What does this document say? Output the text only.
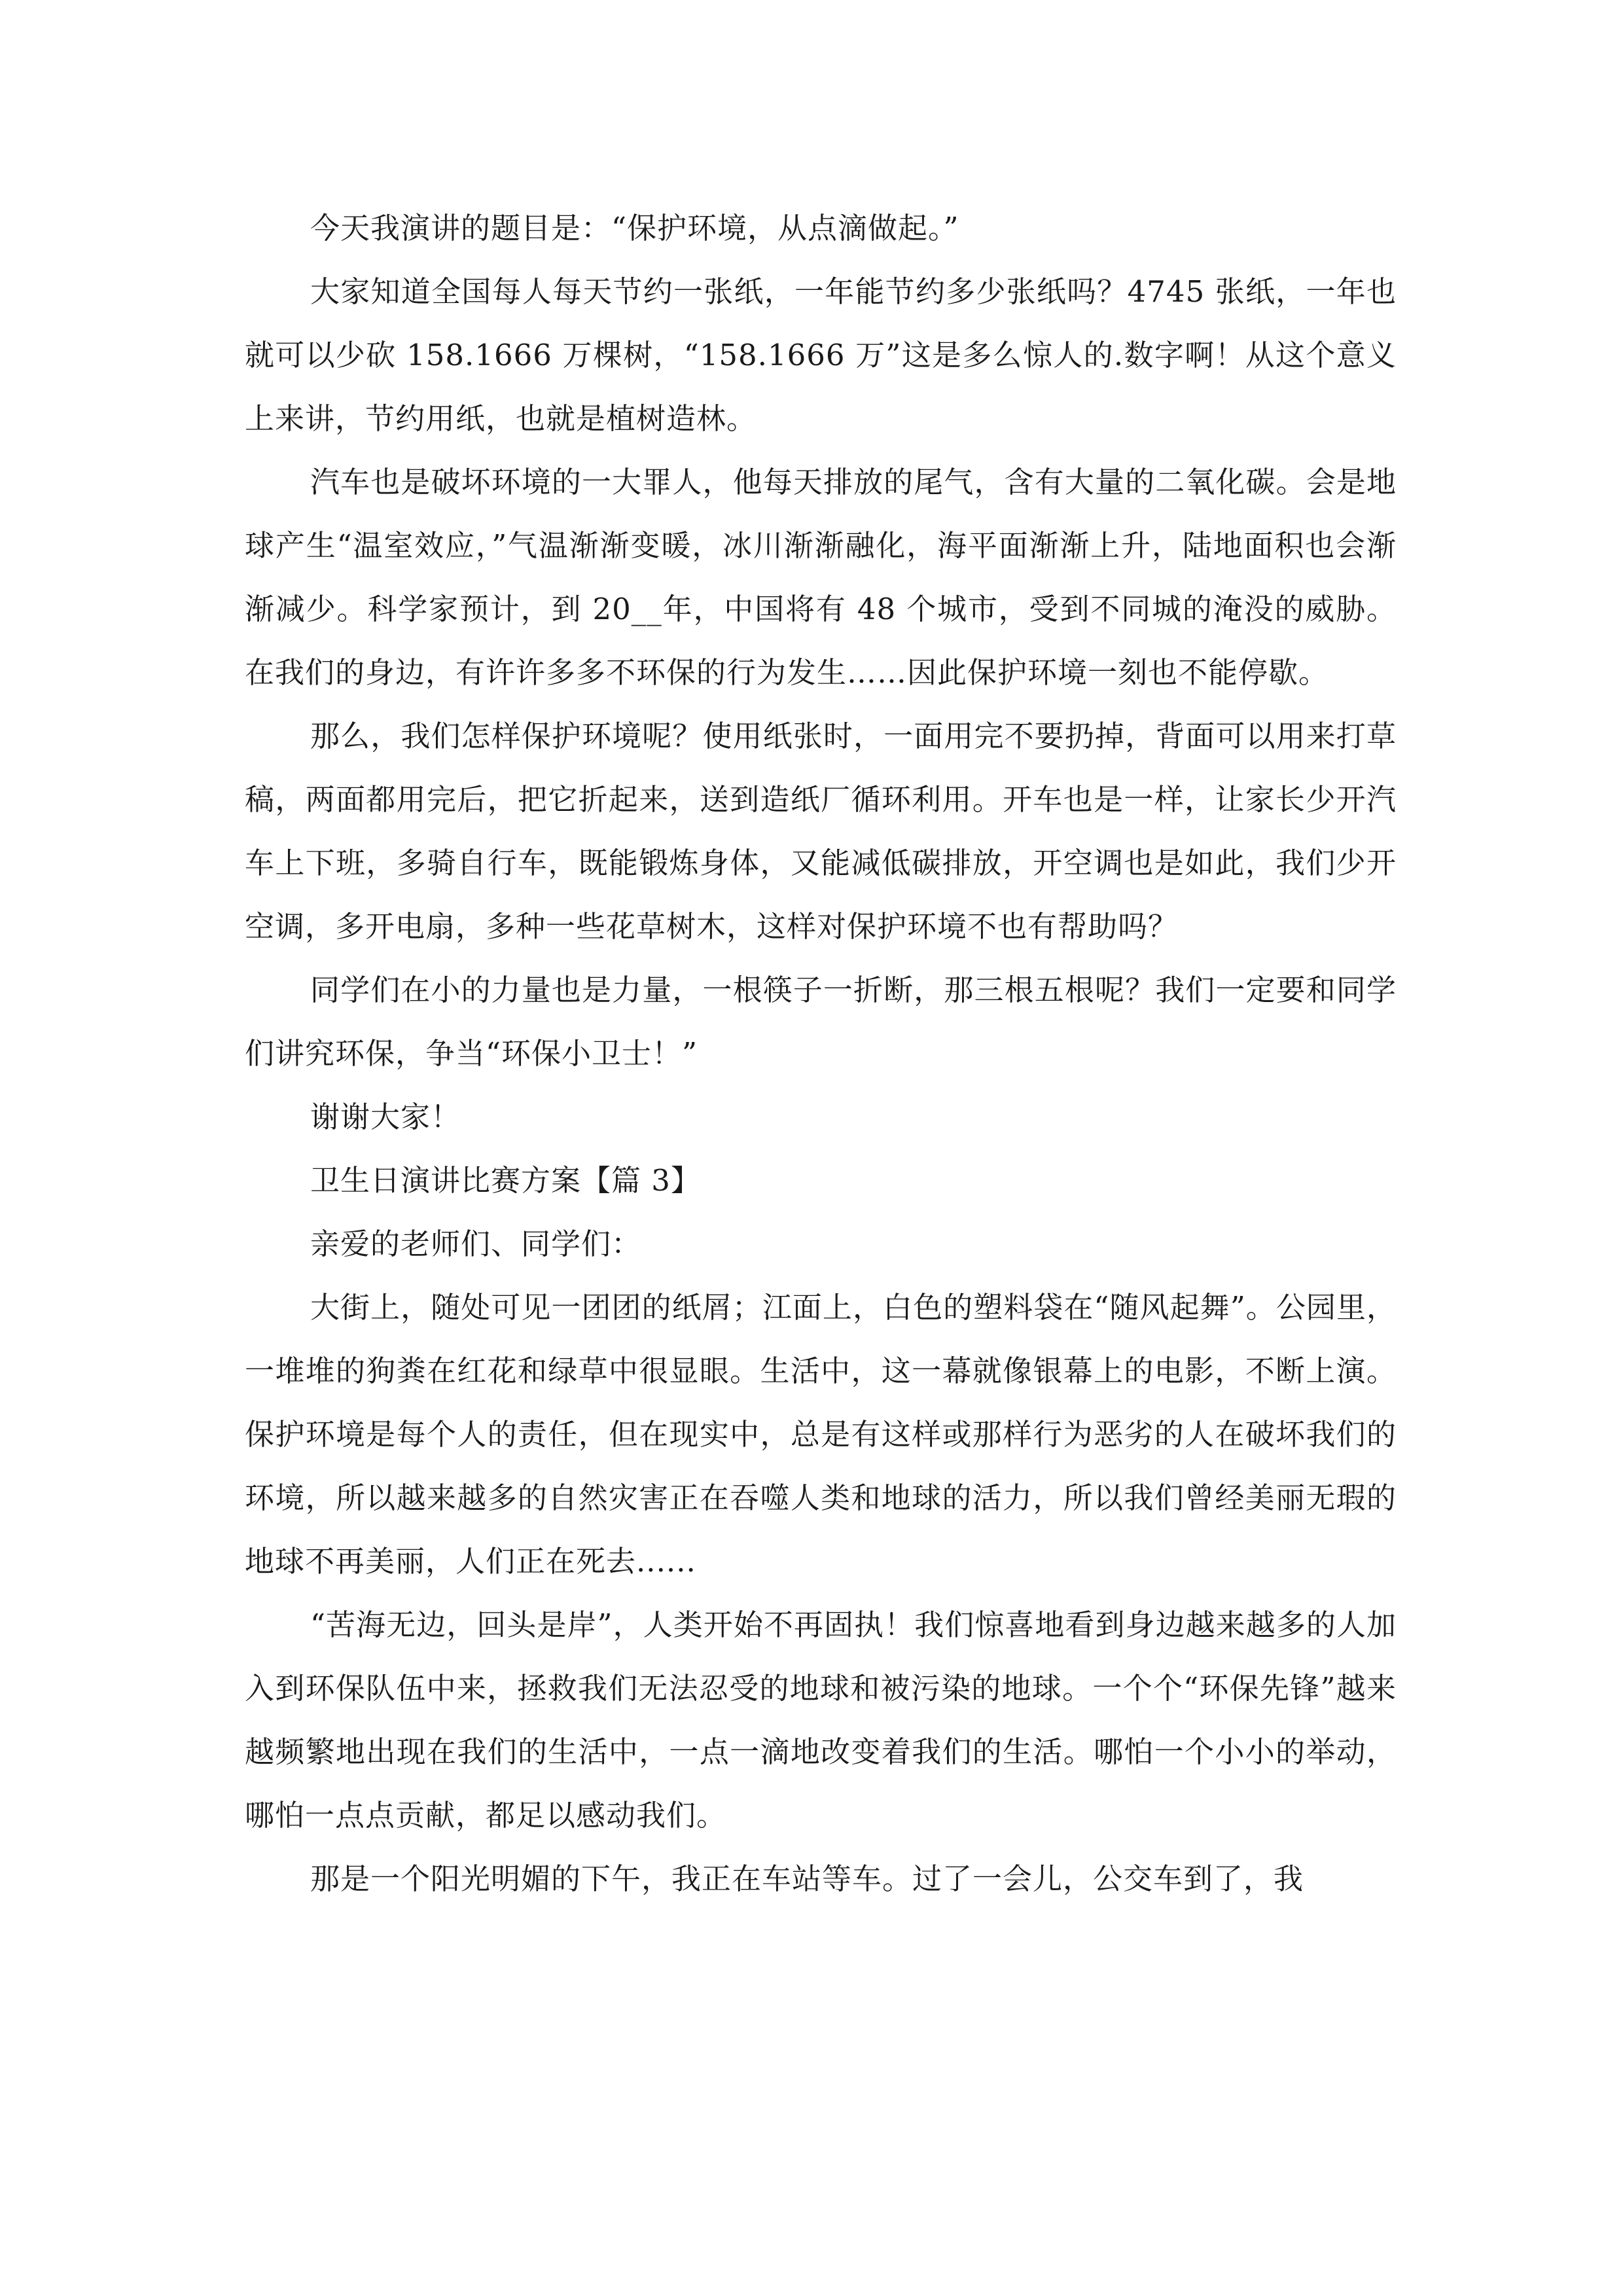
今天我演讲的题目是：“保护环境，从点滴做起。”

大家知道全国每人每天节约一张纸，一年能节约多少张纸吗？4745 张纸，一年也就可以少砍 158.1666 万棵树，“158.1666 万”这是多么惊人的.数字啊！从这个意义上来讲，节约用纸，也就是植树造林。

汽车也是破坏环境的一大罪人，他每天排放的尾气，含有大量的二氧化碳。会是地球产生“温室效应，”气温渐渐变暖，冰川渐渐融化，海平面渐渐上升，陆地面积也会渐渐减少。科学家预计，到 20__年，中国将有 48 个城市，受到不同城的淹没的威胁。在我们的身边，有许许多多不环保的行为发生……因此保护环境一刻也不能停歇。

那么，我们怎样保护环境呢？使用纸张时，一面用完不要扔掉，背面可以用来打草稿，两面都用完后，把它折起来，送到造纸厂循环利用。开车也是一样，让家长少开汽车上下班，多骑自行车，既能锻炼身体，又能减低碳排放，开空调也是如此，我们少开空调，多开电扇，多种一些花草树木，这样对保护环境不也有帮助吗？

同学们在小的力量也是力量，一根筷子一折断，那三根五根呢？我们一定要和同学们讲究环保，争当“环保小卫士！”

谢谢大家！

卫生日演讲比赛方案【篇 3】

亲爱的老师们、同学们：

大街上，随处可见一团团的纸屑；江面上，白色的塑料袋在“随风起舞”。公园里，一堆堆的狗粪在红花和绿草中很显眼。生活中，这一幕就像银幕上的电影，不断上演。保护环境是每个人的责任，但在现实中，总是有这样或那样行为恶劣的人在破坏我们的环境，所以越来越多的自然灾害正在吞噬人类和地球的活力，所以我们曾经美丽无瑕的地球不再美丽，人们正在死去......

“苦海无边，回头是岸”，人类开始不再固执！我们惊喜地看到身边越来越多的人加入到环保队伍中来，拯救我们无法忍受的地球和被污染的地球。一个个“环保先锋”越来越频繁地出现在我们的生活中，一点一滴地改变着我们的生活。哪怕一个小小的举动，哪怕一点点贡献，都足以感动我们。

那是一个阳光明媚的下午，我正在车站等车。过了一会儿，公交车到了，我
